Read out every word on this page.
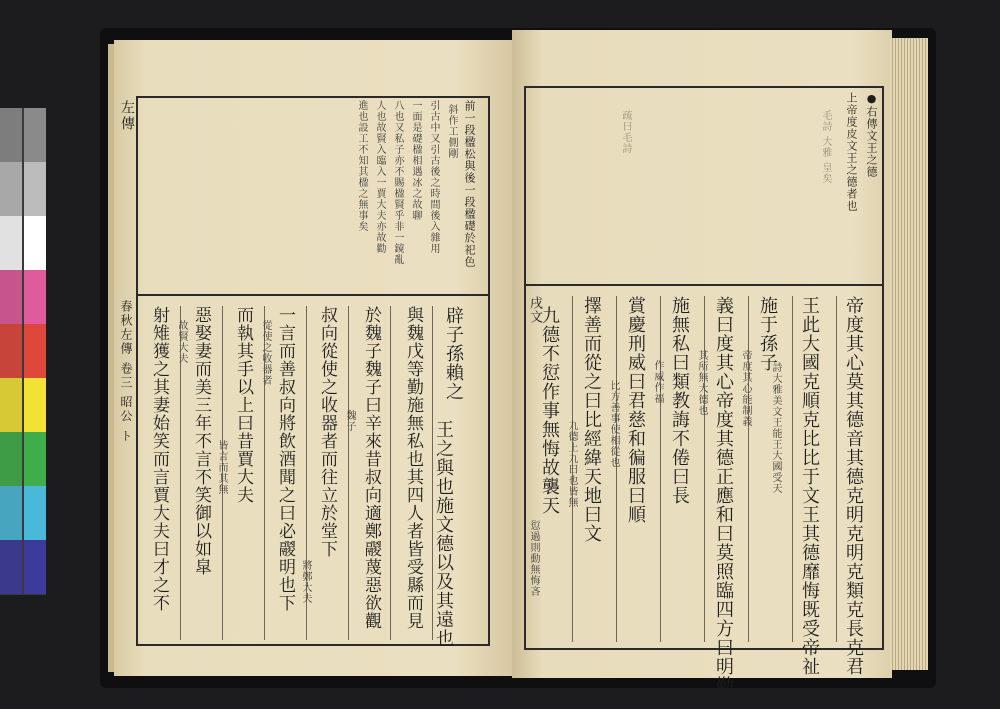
左傳
春秋左傳 卷三 昭公 ト
●右傳文王之德
上帝度皮文王之德者也
毛詩 大雅 皇矣
疏曰毛詩
帝度其心莫其德音其德克明克明克類克長克君
王此大國克順克比比于文王其德靡悔既受帝祉
施于孫子
詩大雅美文王能王大國受天
義曰度其心帝度其德正應和曰莫照臨四方曰明勤 帝度其心能制義
施無私曰類教誨不倦曰長 其所無大德也
賞慶刑威曰君慈和徧服曰順 作威作福
擇善而從之曰比經緯天地曰文 比方善事使相從也
九德不愆作事無悔故襲天 九德上九曰也皆無
愆過則動無悔吝
戌文
前一段楹松與後一段楹礎於祀色
斜作工側剛
引古中又引古後之時間後入雜用
一面是礎楹相遇冰之故聊
八也又私子亦不賜楹賢乎非一鏡亂
人也故賢入臨入一賈大夫亦故勸
進也設工不知其楹之無事矣
辟子孫賴之
王之與也施文德以及其遠也
與魏戊等勤施無私也其四人者皆受縣而見
於魏子魏子曰辛來昔叔向適鄭鬷蔑惡欲觀
叔向從使之收器者而往立於堂下 魏子
一言而善叔向將飲酒聞之曰必鬷明也下 將鄭大夫
而執其手以上曰昔賈大夫 從使之收器者
惡娶妻而美三年不言不笑御以如皐 皆言而其無
射雉獲之其妻始笑而言賈大夫曰才之不 故賢大夫
